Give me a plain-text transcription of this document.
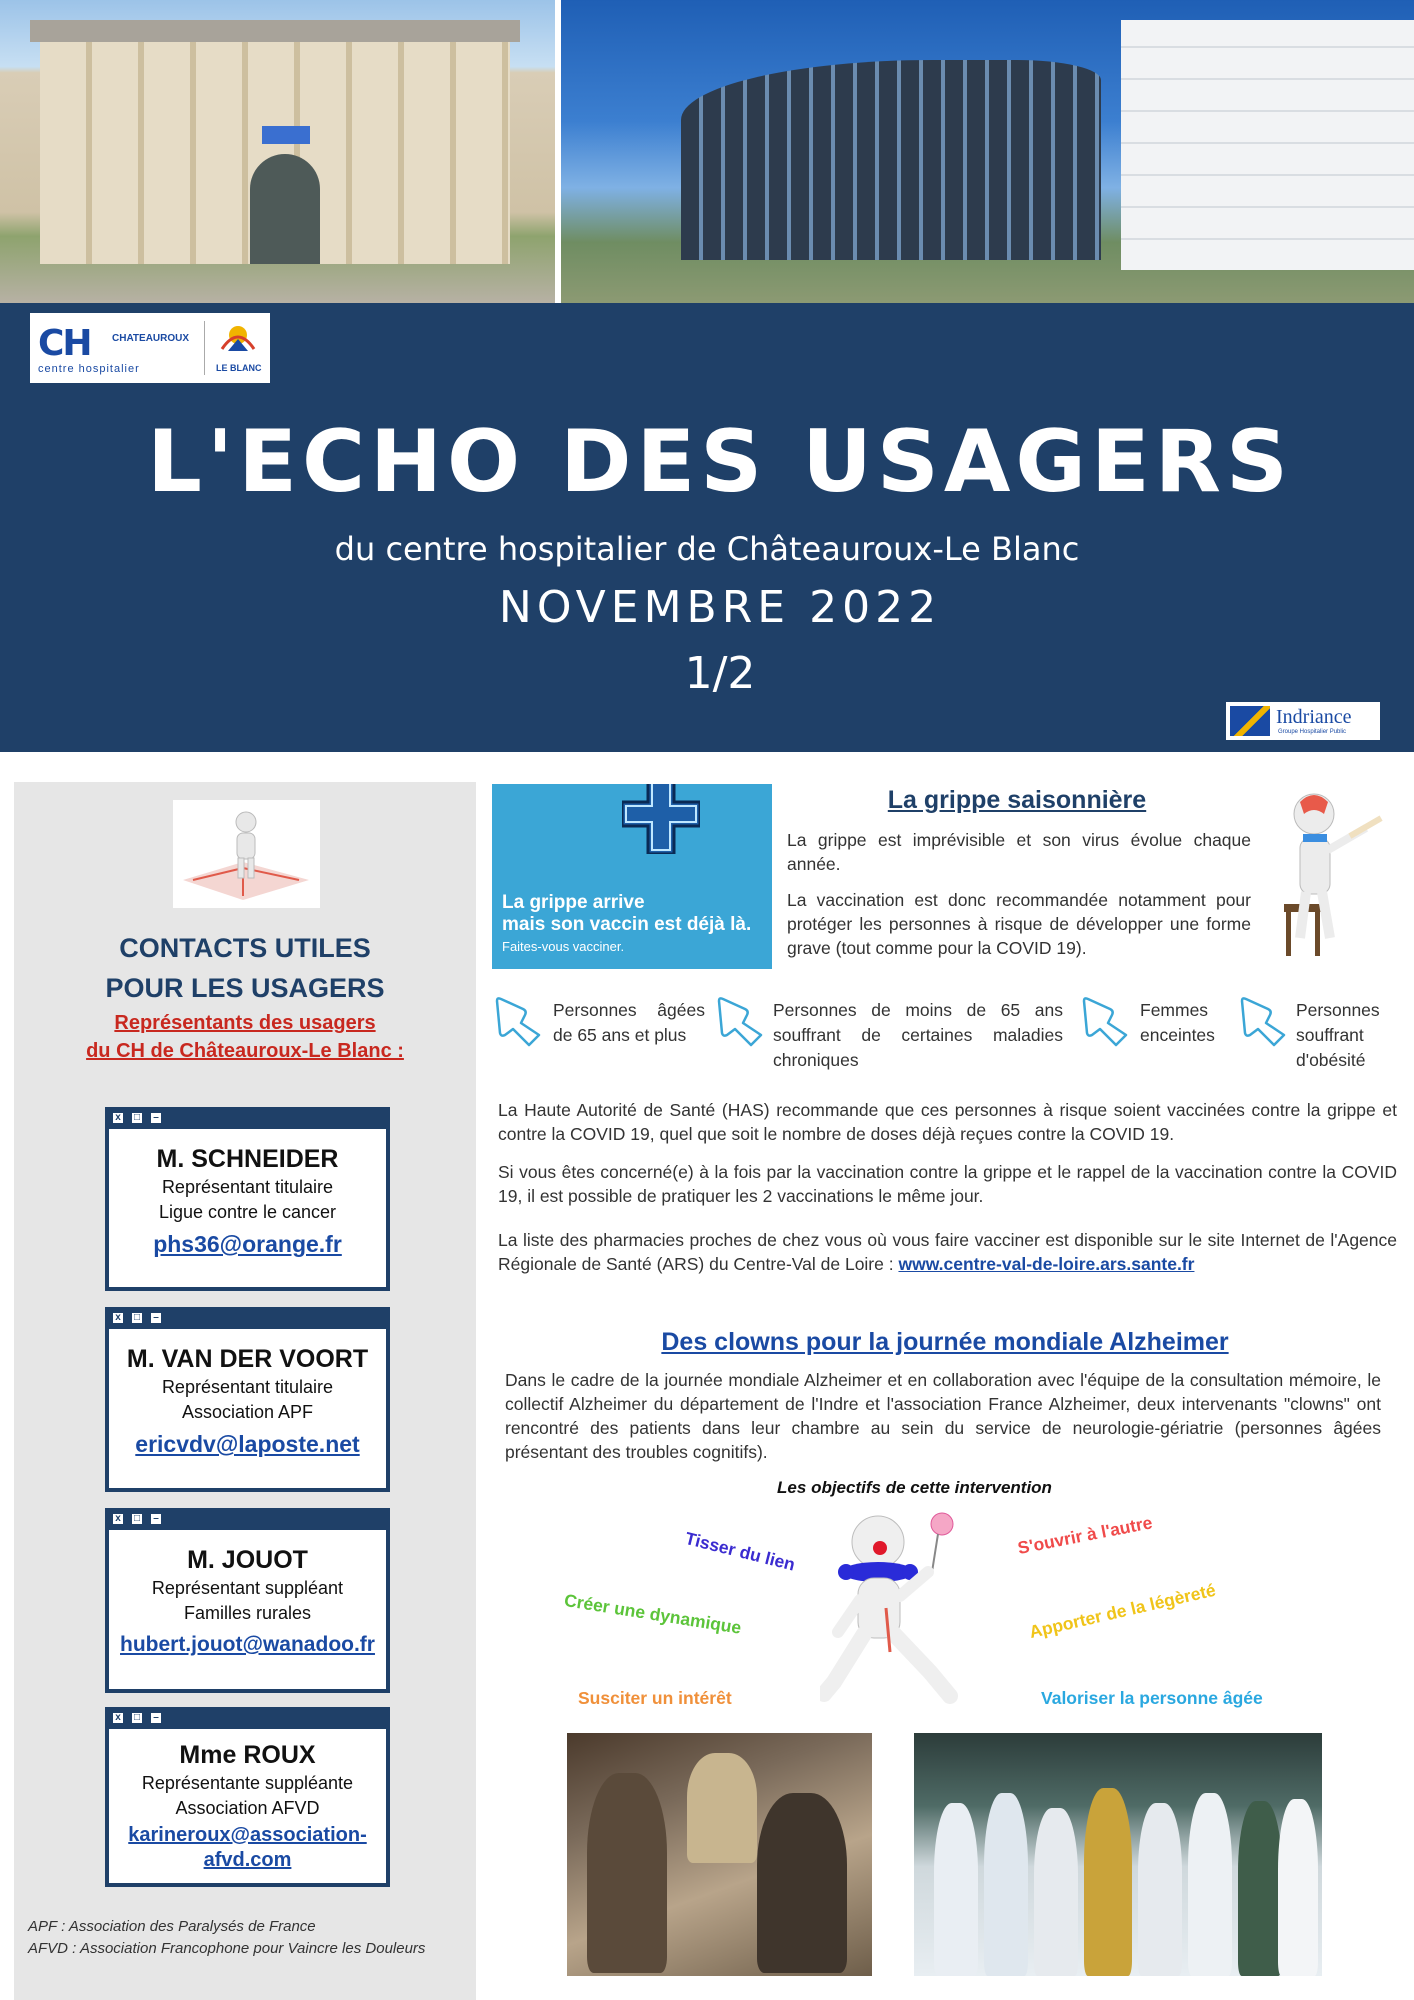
CH CHATEAUROUX
centre hospitalier	LE BLANC
L'ECHO DES USAGERS
du centre hospitalier de Châteauroux-Le Blanc
NOVEMBRE 2022
1/2
Indriance
Groupe Hospitalier Public
CONTACTS UTILES
POUR LES USAGERS
Représentants des usagers
du CH de Châteauroux-Le Blanc :
x	□	–
M. SCHNEIDER
Représentant titulaire
Ligue contre le cancer
phs36@orange.fr
x	□	–
M. VAN DER VOORT
Représentant titulaire
Association APF
ericvdv@laposte.net
x	□	–
M. JOUOT
Représentant suppléant
Familles rurales
hubert.jouot@wanadoo.fr
x	□	–
Mme ROUX
Représentante suppléante
Association AFVD
karineroux@association-
afvd.com
APF : Association des Paralysés de France
AFVD : Association Francophone pour Vaincre les Douleurs
La grippe arrive
mais son vaccin est déjà là.
Faites-vous vacciner.
La grippe saisonnière
La grippe est imprévisible et son virus évolue chaque année.
La vaccination est donc recommandée notamment pour protéger les personnes à risque de développer une forme grave (tout comme pour la COVID 19).
Personnes âgées de 65 ans et plus
Personnes de moins de 65 ans souffrant de certaines maladies chroniques
Femmes enceintes
Personnes souffrant d'obésité
La Haute Autorité de Santé (HAS) recommande que ces personnes à risque soient vaccinées contre la grippe et contre la COVID 19, quel que soit le nombre de doses déjà reçues contre la COVID 19.
Si vous êtes concerné(e) à la fois par la vaccination contre la grippe et le rappel de la vaccination contre la COVID 19, il est possible de pratiquer les 2 vaccinations le même jour.
La liste des pharmacies proches de chez vous où vous faire vacciner est disponible sur le site Internet de l'Agence Régionale de Santé (ARS) du Centre-Val de Loire : www.centre-val-de-loire.ars.sante.fr
Des clowns pour la journée mondiale Alzheimer
Dans le cadre de la journée mondiale Alzheimer et en collaboration avec l'équipe de la consultation mémoire, le collectif Alzheimer du département de l'Indre et l'association France Alzheimer, deux intervenants "clowns" ont rencontré des patients dans leur chambre au sein du service de neurologie-gériatrie (personnes âgées présentant des troubles cognitifs).
Les objectifs de cette intervention
Tisser du lien	S'ouvrir à l'autre
Créer une dynamique	Apporter de la légèreté
Susciter un intérêt	Valoriser la personne âgée
